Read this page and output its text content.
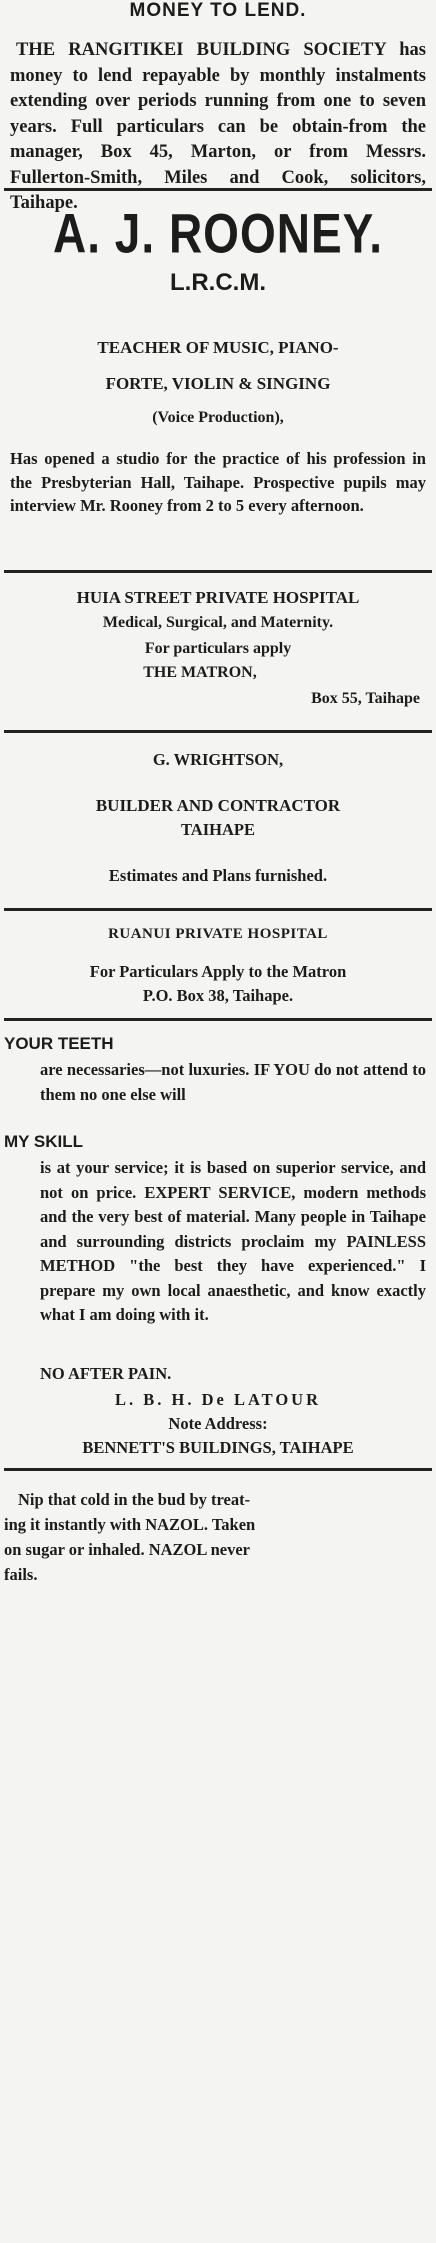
MONEY TO LEND.
THE RANGITIKEI BUILDING SOCIETY has money to lend repayable by monthly instalments extending over periods running from one to seven years. Full particulars can be obtain-from the manager, Box 45, Marton, or from Messrs. Fullerton-Smith, Miles and Cook, solicitors, Taihape.
A. J. ROONEY.
L.R.C.M.
TEACHER OF MUSIC, PIANO-
FORTE, VIOLIN & SINGING
(Voice Production),
Has opened a studio for the practice of his profession in the Presbyterian Hall, Taihape. Prospective pupils may interview Mr. Rooney from 2 to 5 every afternoon.
HUIA STREET PRIVATE HOSPITAL
Medical, Surgical, and Maternity.
For particulars apply
THE MATRON,
Box 55, Taihape
G. WRIGHTSON,
BUILDER AND CONTRACTOR
TAIHAPE
Estimates and Plans furnished.
RUANUI PRIVATE HOSPITAL
For Particulars Apply to the Matron
P.O. Box 38, Taihape.
YOUR TEETH
are necessaries—not luxuries. IF YOU do not attend to them no one else will
MY SKILL
is at your service; it is based on superior service, and not on price. EXPERT SERVICE, modern methods and the very best of material. Many people in Taihape and surrounding districts proclaim my PAINLESS METHOD "the best they have experienced." I prepare my own local anaesthetic, and know exactly what I am doing with it.
NO AFTER PAIN.
L. B. H. De LATOUR
Note Address:
BENNETT'S BUILDINGS, TAIHAPE
Nip that cold in the bud by treat-
ing it instantly with NAZOL. Taken
on sugar or inhaled. NAZOL never
fails.
